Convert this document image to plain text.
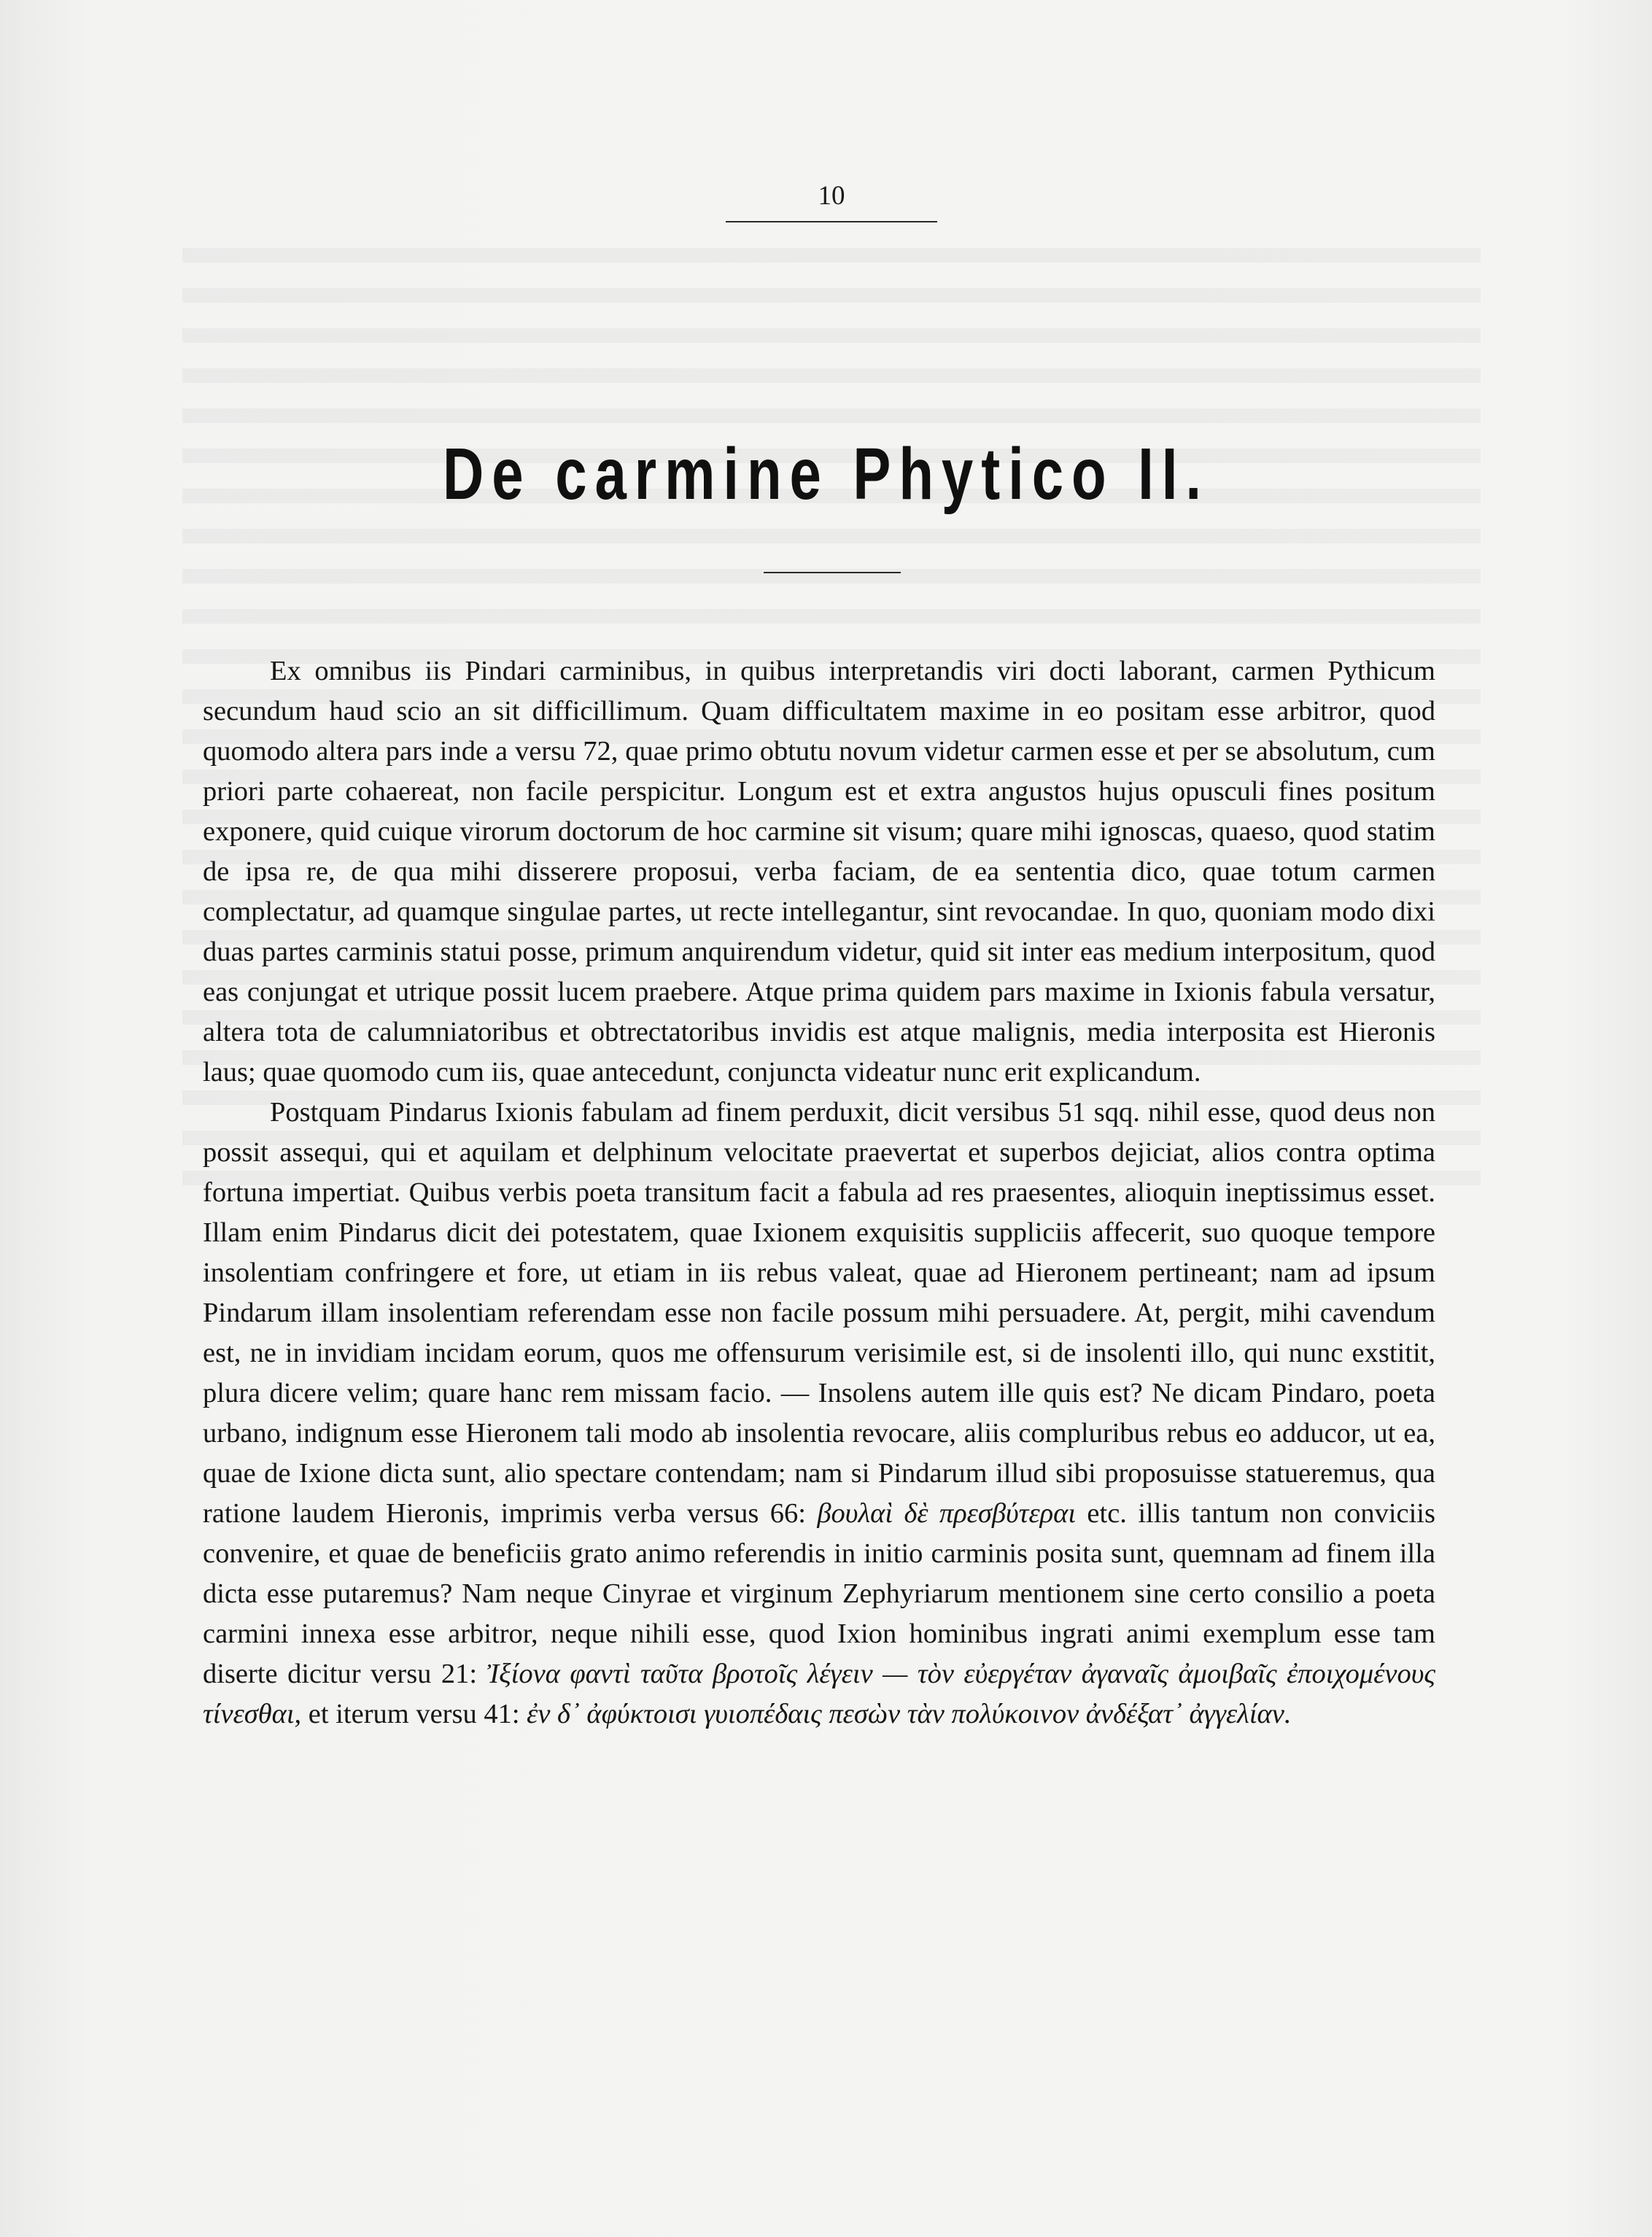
10
De carmine Phytico II.

Ex omnibus iis Pindari carminibus, in quibus interpretandis viri docti laborant, carmen Pythicum secundum haud scio an sit difficillimum. Quam difficultatem maxime in eo positam esse arbitror, quod quomodo altera pars inde a versu 72, quae primo obtutu novum videtur carmen esse et per se absolutum, cum priori parte cohaereat, non facile perspicitur. Longum est et extra angustos hujus opusculi fines positum exponere, quid cuique virorum doctorum de hoc carmine sit visum; quare mihi ignoscas, quaeso, quod statim de ipsa re, de qua mihi disserere proposui, verba faciam, de ea sententia dico, quae totum carmen complectatur, ad quamque singulae partes, ut recte intellegantur, sint revocandae. In quo, quoniam modo dixi duas partes carminis statui posse, primum anquirendum videtur, quid sit inter eas medium interpositum, quod eas conjungat et utrique possit lucem praebere. Atque prima quidem pars maxime in Ixionis fabula versatur, altera tota de calumniatoribus et obtrectatoribus invidis est atque malignis, media interposita est Hieronis laus; quae quomodo cum iis, quae antecedunt, conjuncta videatur nunc erit explicandum.

Postquam Pindarus Ixionis fabulam ad finem perduxit, dicit versibus 51 sqq. nihil esse, quod deus non possit assequi, qui et aquilam et delphinum velocitate praevertat et superbos dejiciat, alios contra optima fortuna impertiat. Quibus verbis poeta transitum facit a fabula ad res praesentes, alioquin ineptissimus esset. Illam enim Pindarus dicit dei potestatem, quae Ixionem exquisitis suppliciis affecerit, suo quoque tempore insolentiam confringere et fore, ut etiam in iis rebus valeat, quae ad Hieronem pertineant; nam ad ipsum Pindarum illam insolentiam referendam esse non facile possum mihi persuadere. At, pergit, mihi cavendum est, ne in invidiam incidam eorum, quos me offensurum verisimile est, si de insolenti illo, qui nunc exstitit, plura dicere velim; quare hanc rem missam facio. — Insolens autem ille quis est? Ne dicam Pindaro, poeta urbano, indignum esse Hieronem tali modo ab insolentia revocare, aliis compluribus rebus eo adducor, ut ea, quae de Ixione dicta sunt, alio spectare contendam; nam si Pindarum illud sibi proposuisse statueremus, qua ratione laudem Hieronis, imprimis verba versus 66: βουλαὶ δὲ πρεσβύτεραι etc. illis tantum non conviciis convenire, et quae de beneficiis grato animo referendis in initio carminis posita sunt, quemnam ad finem illa dicta esse putaremus? Nam neque Cinyrae et virginum Zephyriarum mentionem sine certo consilio a poeta carmini innexa esse arbitror, neque nihili esse, quod Ixion hominibus ingrati animi exemplum esse tam diserte dicitur versu 21: Ἰξίονα φαντὶ ταῦτα βροτοῖς λέγειν — τὸν εὐεργέταν ἀγαναῖς ἀμοιβαῖς ἐποιχομένους τίνεσθαι, et iterum versu 41: ἐν δ᾽ ἀφύκτοισι γυιοπέδαις πεσὼν τὰν πολύκοινον ἀνδέξατ᾽ ἀγγελίαν.
